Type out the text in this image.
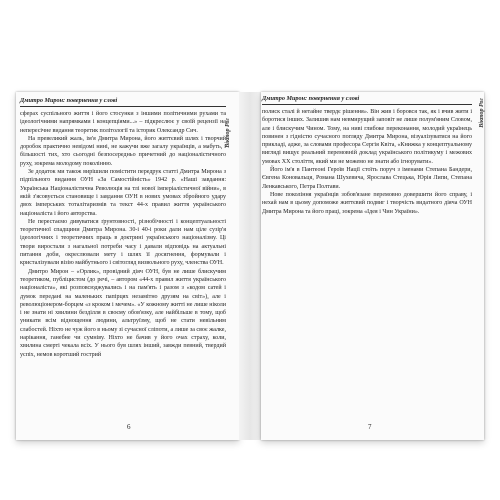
Дмитро Мирон: повернення у слові
Віктор Рог

сферах суспільного життя і його стосунки з іншими політичними рухами та ідеологічними напрямками і концепціями...» – підкреслює у своїй рецензії на непересічне видання теоретик політології та історик Олександр Сич.

На превеликий жаль, ім'я Дмитра Мирона, його життєвий шлях і творчий доробок практично невідомі нині, не кажучи вже загалу українців, а мабуть, і більшості тих, хто сьогодні безпосередньо причетний до націоналістичного руху, зокрема молодому поколінню.

Зе додаток ми також вирішили помістити передрук статті Дмитра Мирона з підпільного видання ОУН «За Самостійність» 1942 р. «Наші завдання: Українська Націоналістична Революція на тлі нової імперіалістичної війни», в якій з'ясовується становище і завдання ОУН в нових умовах збройного удару двох імперських тоталітаризмів та текст 44-х правил життя українського націоналіста і його авторства.

Не перестаємо дивуватися ґрунтовності, різнобічності і концептуальності теоретичної спадщини Дмитра Мирона. 30-і 40-і роки дали нам ціле сузір'я ідеологічних і теоретичних праць в доктрині українського націоналізму. Ці твори виростали з нагальної потреби часу і давали відповідь на актуальні питання доби, окреслювали мету і шлях її досягнення, формували і кристалізували візію майбутнього і світогляд визвольного руху, членства ОУН.

Дмитро Мирон – «Орлик», провідний діяч ОУН, був не лише блискучим теоретиком, публіцистом (до речі, – автором «44-х правил життя українського націоналіста», які розповсюджувались і на пам'ять і разом з «кодом сатей і думок передані на маленьких папірцях незамітно друзям на світ»), але і революціонером-борцем «з кроком і мечем». «У кожному житті не лише ніколи і не знати ні хвилини безділля в своєму обов'язку, але найбільше в тому, щоб уникати всім віднощення людини, альтруїзму, щоб не стати невільним слабостей. Ніхто не чуж його в ньому зі сучасної сліпоти, а лише за своє жалке, нарікання, ганебне чи сумніву. Ніхто не бачив у його очах страху, коли, хвилина смерті чекала всіх. У нього був шлях інший, завжди певний, твердий успіх, немов коротший гострий

6
Дмитро Мирон: повернення у слові	Віктор Рог

полиск сталі й нетайне твердє рішення». Він жив і боровся так, як і вчив жити і боротися інших. Залишив нам невмирущий заповіт не лише полум'яним Словом, але і блискучим Чином. Тому, на ниві глибоке переконання, молодий українець повинен з гідністю сучасного погляду Дмитра Мирона, візуалізуватися на його прикладі, адже, за словами професора Сергія Квіта, «Книжка у концептуальному вигляді вищує реальний перемовній доклад українського політикуму і межових умовах XX століття, який ми не можемо не знати або ігнорувати».

Його ім'я в Пантеоні Героїв Нації стоїть поруч з іменами Степана Бандери, Євгена Коновальця, Романа Шухевича, Ярослава Стецька, Юрія Липи, Степана Ленкавського, Петра Полтави.

Нове покоління українців зобов'язане перемовно довершити його справу, і нехай нам в цьому допоможе життєвий подвиг і творчість видатного діяча ОУН Дмитра Мирона та його праці, зокрема «Ідея і Чин України».

7
